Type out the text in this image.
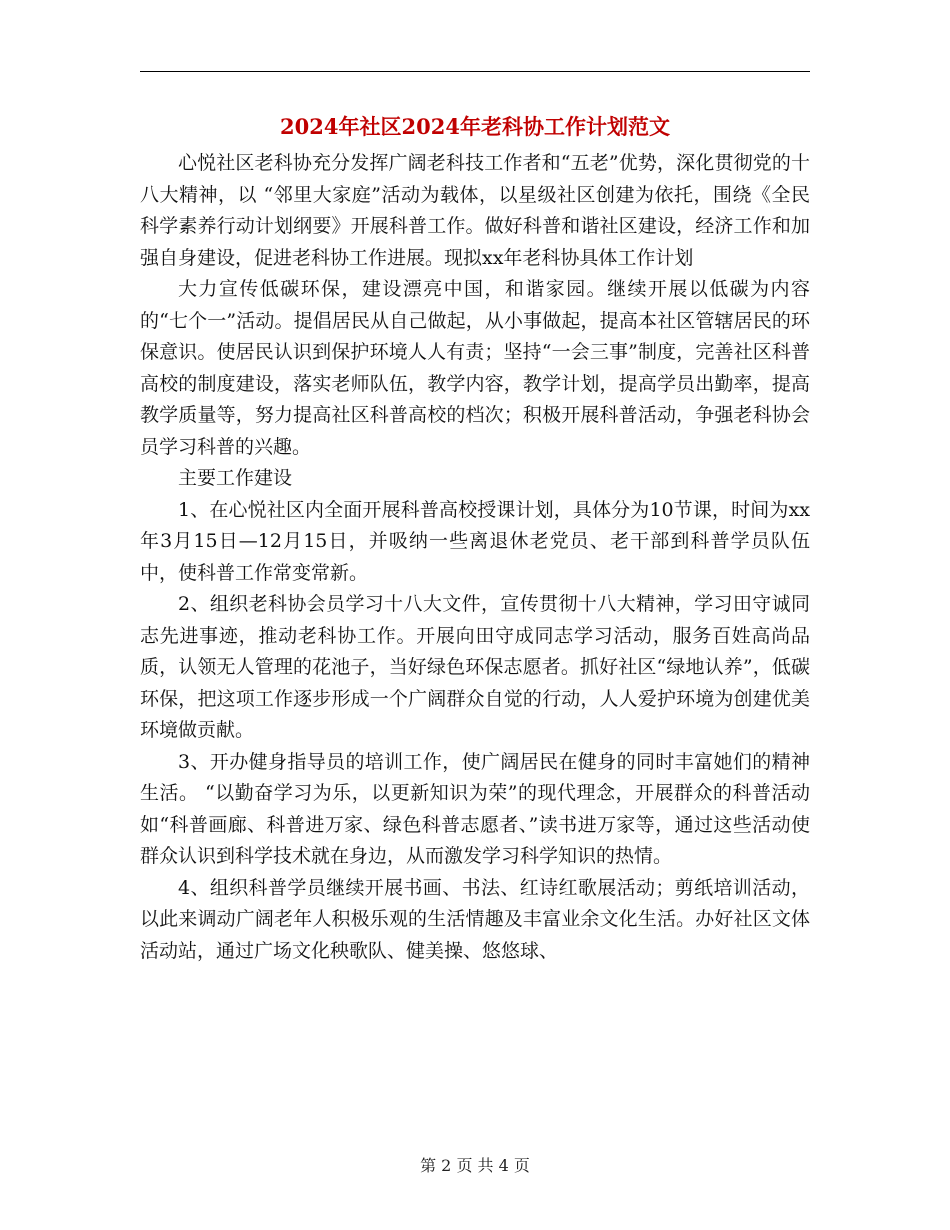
2024年社区2024年老科协工作计划范文

心悦社区老科协充分发挥广阔老科技工作者和“五老”优势，深化贯彻党的十八大精神，以 “邻里大家庭”活动为载体，以星级社区创建为依托，围绕《全民科学素养行动计划纲要》开展科普工作。做好科普和谐社区建设，经济工作和加强自身建设，促进老科协工作进展。现拟xx年老科协具体工作计划

大力宣传低碳环保，建设漂亮中国，和谐家园。继续开展以低碳为内容的“七个一”活动。提倡居民从自己做起，从小事做起，提高本社区管辖居民的环保意识。使居民认识到保护环境人人有责；坚持“一会三事”制度，完善社区科普高校的制度建设，落实老师队伍，教学内容，教学计划，提高学员出勤率，提高教学质量等，努力提高社区科普高校的档次；积极开展科普活动，争强老科协会员学习科普的兴趣。

主要工作建设

1、在心悦社区内全面开展科普高校授课计划，具体分为10节课，时间为xx年3月15日—12月15日，并吸纳一些离退休老党员、老干部到科普学员队伍中，使科普工作常变常新。

2、组织老科协会员学习十八大文件，宣传贯彻十八大精神，学习田守诚同志先进事迹，推动老科协工作。开展向田守成同志学习活动，服务百姓高尚品质，认领无人管理的花池子，当好绿色环保志愿者。抓好社区“绿地认养”，低碳环保，把这项工作逐步形成一个广阔群众自觉的行动，人人爱护环境为创建优美环境做贡献。

3、开办健身指导员的培训工作，使广阔居民在健身的同时丰富她们的精神生活。 “以勤奋学习为乐，以更新知识为荣”的现代理念，开展群众的科普活动如“科普画廊、科普进万家、绿色科普志愿者、”读书进万家等，通过这些活动使群众认识到科学技术就在身边，从而激发学习科学知识的热情。

4、组织科普学员继续开展书画、书法、红诗红歌展活动；剪纸培训活动，以此来调动广阔老年人积极乐观的生活情趣及丰富业余文化生活。办好社区文体活动站，通过广场文化秧歌队、健美操、悠悠球、

第 2 页 共 4 页
